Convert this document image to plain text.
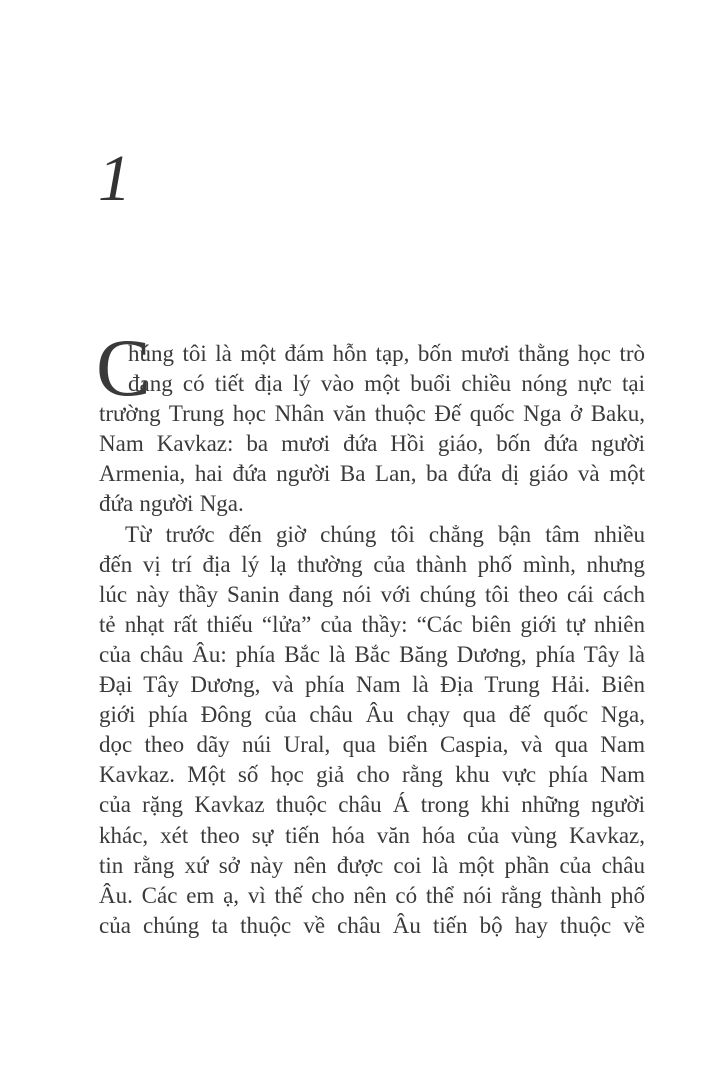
1
C
húng tôi là một đám hỗn tạp, bốn mươi thằng học trò
đang có tiết địa lý vào một buổi chiều nóng nực tại
trường Trung học Nhân văn thuộc Đế quốc Nga ở Baku,
Nam Kavkaz: ba mươi đứa Hồi giáo, bốn đứa người
Armenia, hai đứa người Ba Lan, ba đứa dị giáo và một
đứa người Nga.
Từ trước đến giờ chúng tôi chẳng bận tâm nhiều
đến vị trí địa lý lạ thường của thành phố mình, nhưng
lúc này thầy Sanin đang nói với chúng tôi theo cái cách
tẻ nhạt rất thiếu “lửa” của thầy: “Các biên giới tự nhiên
của châu Âu: phía Bắc là Bắc Băng Dương, phía Tây là
Đại Tây Dương, và phía Nam là Địa Trung Hải. Biên
giới phía Đông của châu Âu chạy qua đế quốc Nga,
dọc theo dãy núi Ural, qua biển Caspia, và qua Nam
Kavkaz. Một số học giả cho rằng khu vực phía Nam
của rặng Kavkaz thuộc châu Á trong khi những người
khác, xét theo sự tiến hóa văn hóa của vùng Kavkaz,
tin rằng xứ sở này nên được coi là một phần của châu
Âu. Các em ạ, vì thế cho nên có thể nói rằng thành phố
của chúng ta thuộc về châu Âu tiến bộ hay thuộc về
